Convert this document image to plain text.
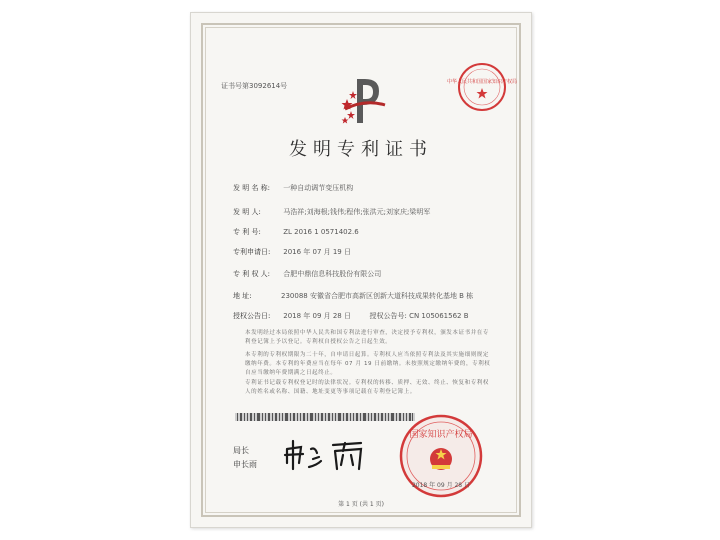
证书号第3092614号	中华人民共和国国家知识产权局
发明专利证书
发 明 名 称: 一种自动调节变压机构
发 明 人:	马浩祥;刘海根;钱伟;程伟;张洪元;刘家庆;梁明军
专 利 号:	ZL 2016 1 0571402.6
专利申请日: 2016 年 07 月 19 日
专 利 权 人: 合肥中鼎信息科技股份有限公司
地 址:	230088 安徽省合肥市高新区创新大道科技成果转化基地 B 栋
授权公告日: 2018 年 09 月 28 日	授权公告号: CN 105061562 B
本发明经过本局依照中华人民共和国专利法进行审查，决定授予专利权，颁发本证书并在专利登记簿上予以登记。专利权自授权公告之日起生效。
本专利的专利权期限为二十年，自申请日起算。专利权人应当依照专利法及其实施细则规定缴纳年费。本专利的年费应当在每年 07 月 19 日前缴纳。未按照规定缴纳年费的，专利权自应当缴纳年费期满之日起终止。
专利证书记载专利权登记时的法律状况。专利权的转移、质押、无效、终止、恢复和专利权人的姓名或名称、国籍、地址变更等事项记载在专利登记簿上。
局长
申长雨
国家知识产权局
2018 年 09 月 28 日
第 1 页 (共 1 页)
